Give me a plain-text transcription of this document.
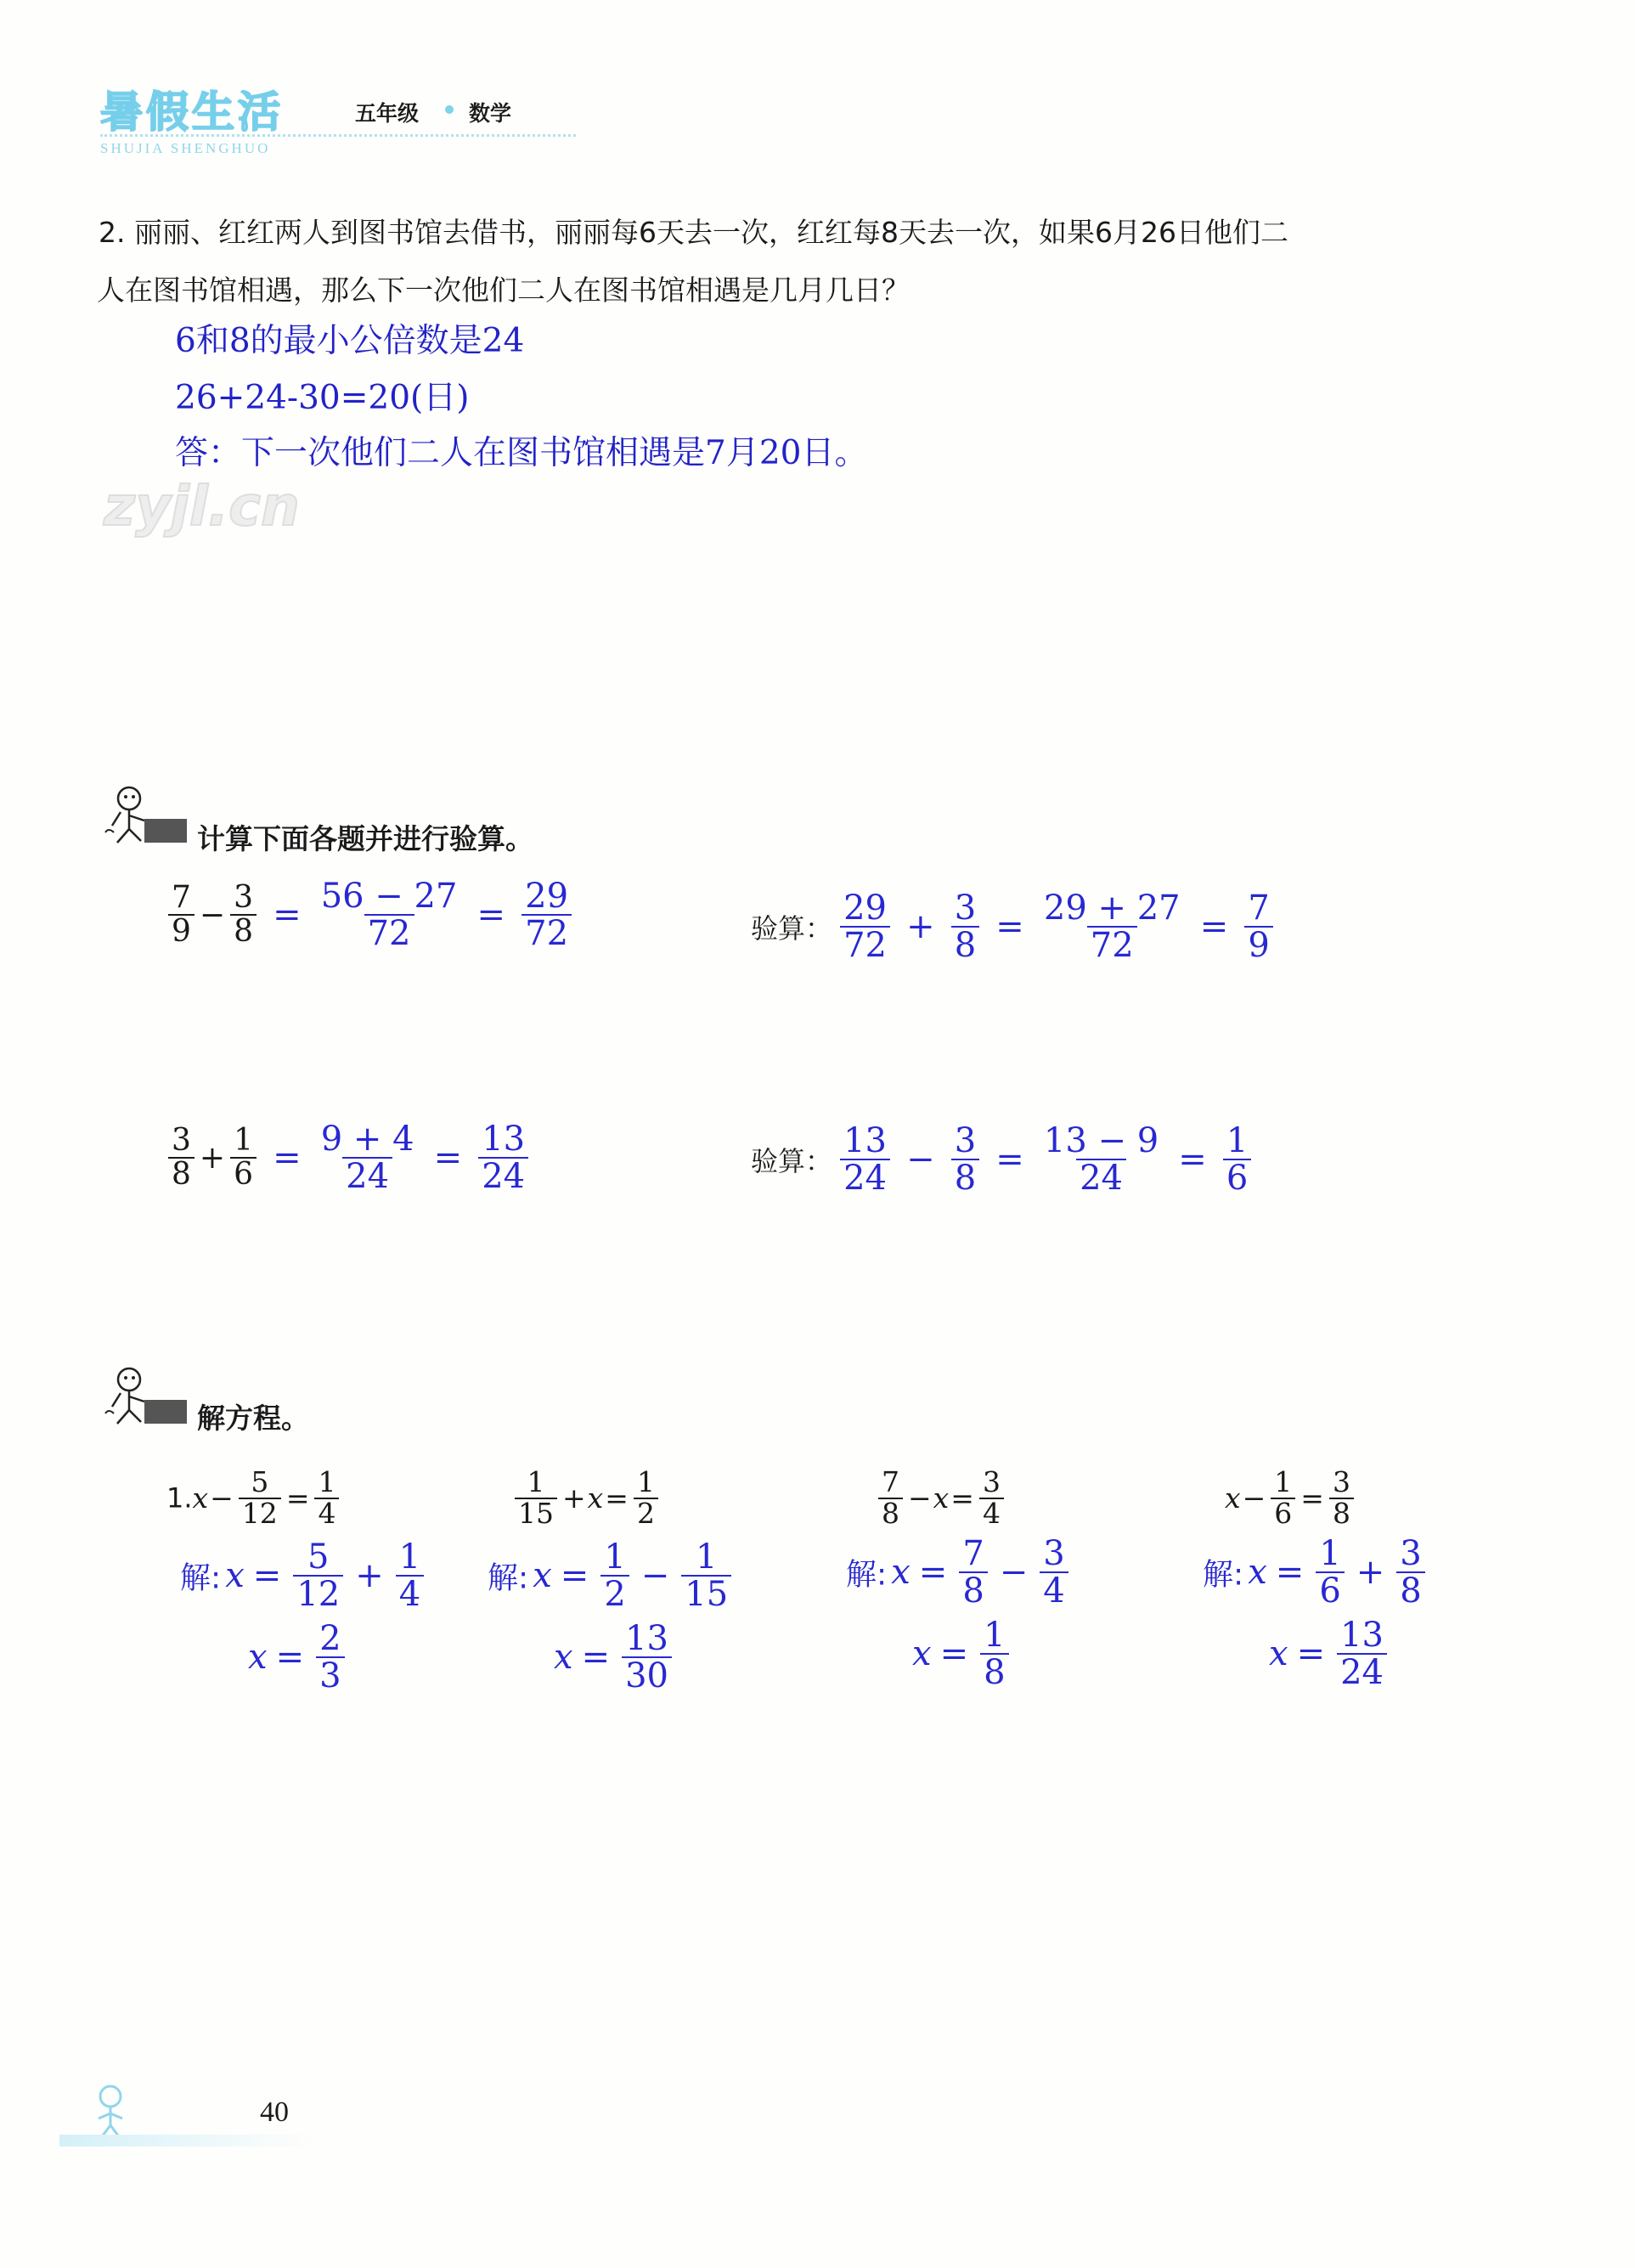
暑假生活
SHUJIA SHENGHUO
五年级 数学

2. 丽丽、红红两人到图书馆去借书，丽丽每6天去一次，红红每8天去一次，如果6月26日他们二

人在图书馆相遇，那么下一次他们二人在图书馆相遇是几月几日？

6和8的最小公倍数是24
26+24-30=20(日)
答：下一次他们二人在图书馆相遇是7月20日。
zyjl.cn
计算下面各题并进行验算。
$\frac{7}{9} - \frac{3}{8} = \frac{56 - 27}{72} = \frac{29}{72}$	验算： $\frac{29}{72} + \frac{3}{8} = \frac{29 + 27}{72} = \frac{7}{9}$
$\frac{3}{8} + \frac{1}{6} = \frac{9 + 4}{24} = \frac{13}{24}$	验算： $\frac{13}{24} - \frac{3}{8} = \frac{13 - 9}{24} = \frac{1}{6}$
解方程。
$1.x- \frac{5}{12} = \frac{1}{4}$
解: $x = \frac{5}{12} + \frac{1}{4}$
$x = \frac{2}{3}$
$\frac{1}{15} +x= \frac{1}{2}$
解: $x = \frac{1}{2} - \frac{1}{15}$
$x = \frac{13}{30}$
$\frac{7}{8} -x= \frac{3}{4}$
解: $x = \frac{7}{8} - \frac{3}{4}$
$x = \frac{1}{8}$
$x- \frac{1}{6} = \frac{3}{8}$
解: $x = \frac{1}{6} + \frac{3}{8}$
$x = \frac{13}{24}$
40
